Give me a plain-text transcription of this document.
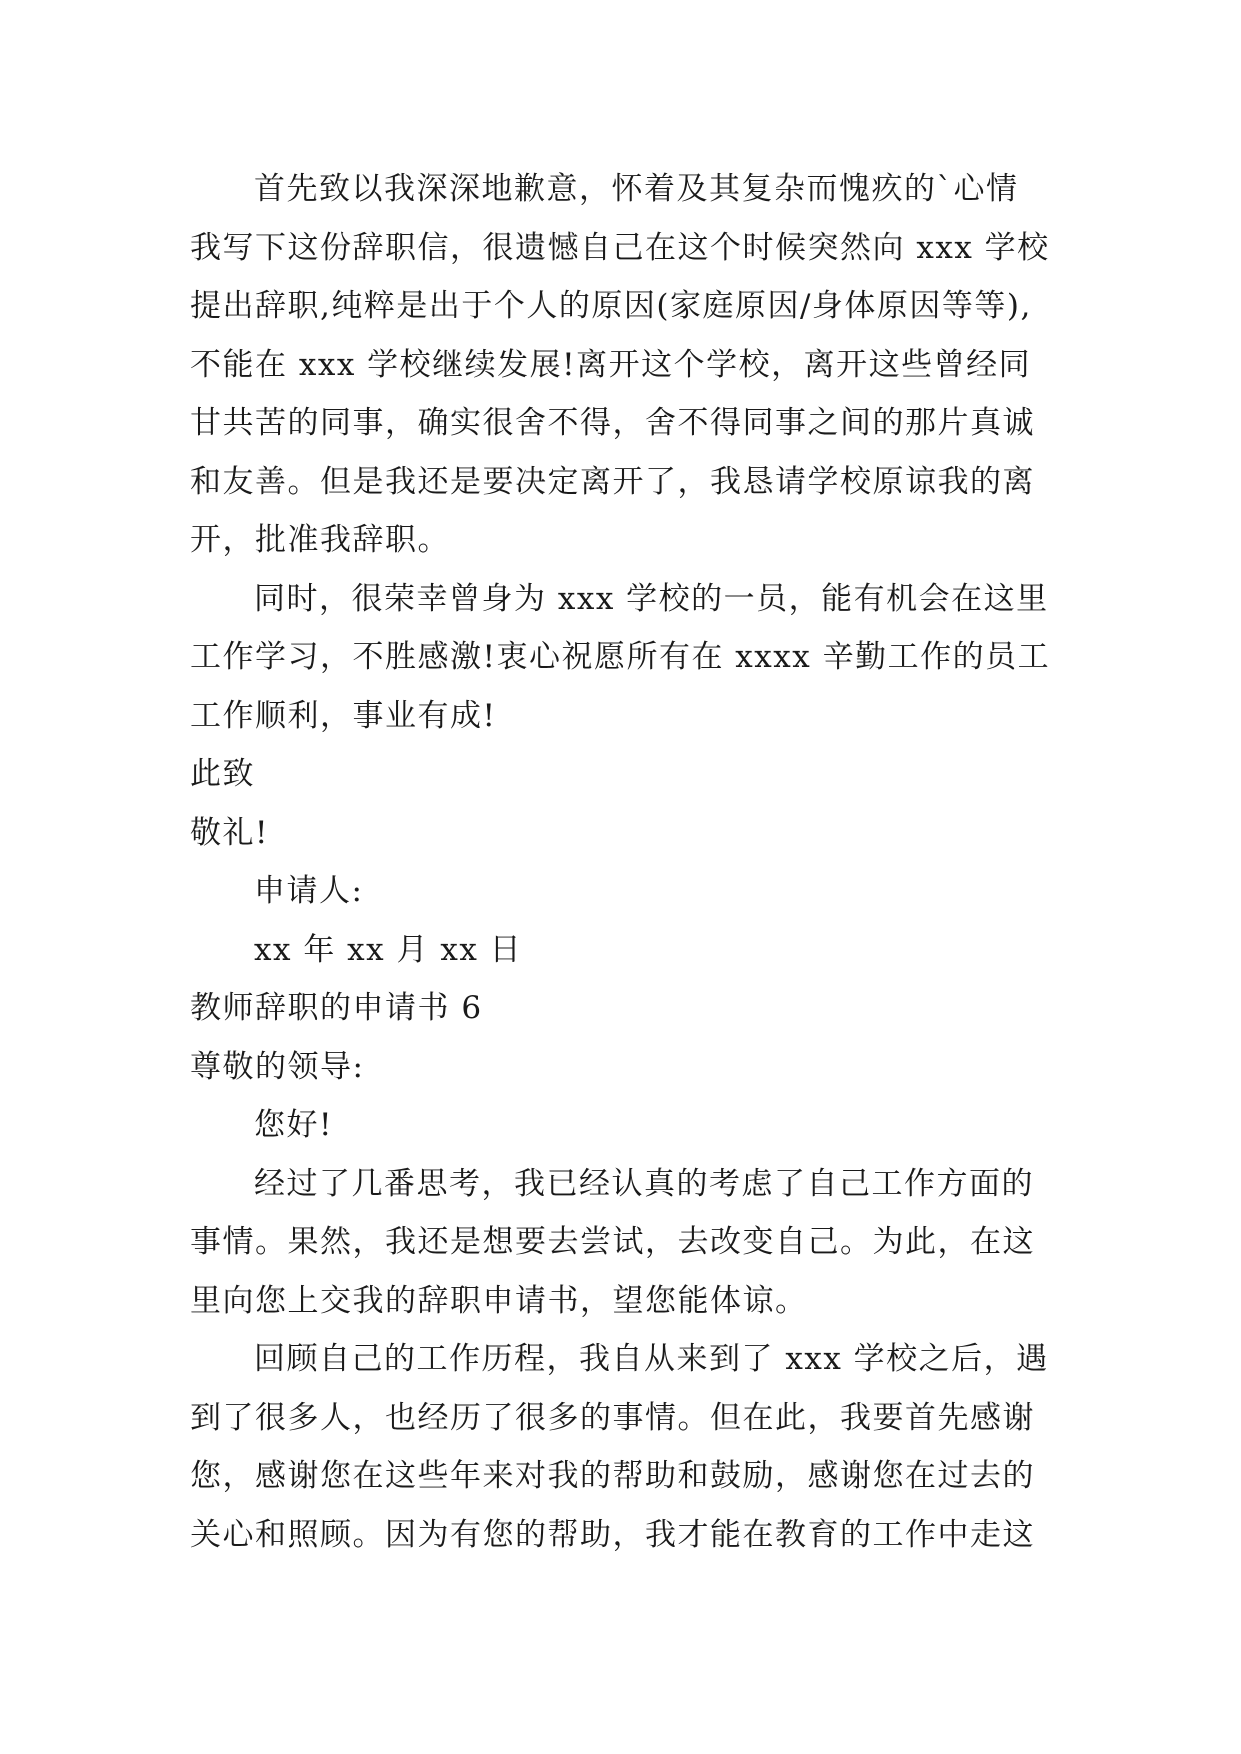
首先致以我深深地歉意，怀着及其复杂而愧疚的`心情
我写下这份辞职信，很遗憾自己在这个时候突然向 xxx 学校
提出辞职,纯粹是出于个人的原因(家庭原因/身体原因等等),
不能在 xxx 学校继续发展!离开这个学校，离开这些曾经同
甘共苦的同事，确实很舍不得，舍不得同事之间的那片真诚
和友善。但是我还是要决定离开了，我恳请学校原谅我的离
开，批准我辞职。
同时，很荣幸曾身为 xxx 学校的一员，能有机会在这里
工作学习，不胜感激!衷心祝愿所有在 xxxx 辛勤工作的员工
工作顺利，事业有成!
此致
敬礼!
申请人:
xx 年 xx 月 xx 日
教师辞职的申请书 6
尊敬的领导:
您好!
经过了几番思考，我已经认真的考虑了自己工作方面的
事情。果然，我还是想要去尝试，去改变自己。为此，在这
里向您上交我的辞职申请书，望您能体谅。
回顾自己的工作历程，我自从来到了 xxx 学校之后，遇
到了很多人，也经历了很多的事情。但在此，我要首先感谢
您，感谢您在这些年来对我的帮助和鼓励，感谢您在过去的
关心和照顾。因为有您的帮助，我才能在教育的工作中走这
